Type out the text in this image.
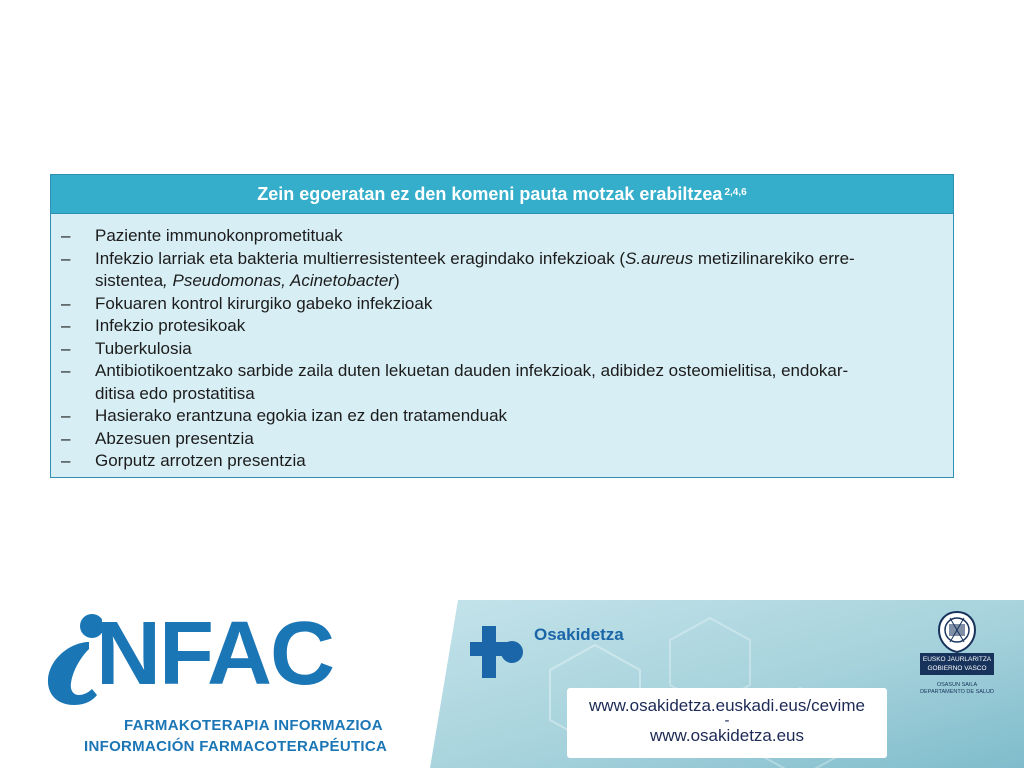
Zein egoeratan ez den komeni pauta motzak erabiltzea$^{2,4,6}$
– Paziente immunokonprometituak
– Infekzio larriak eta bakteria multierresistenteek eragindako infekzioak (S.aureus metizilinarekiko erre-
sistentea, Pseudomonas, Acinetobacter)
– Fokuaren kontrol kirurgiko gabeko infekzioak
– Infekzio protesikoak
– Tuberkulosia
– Antibiotikoentzako sarbide zaila duten lekuetan dauden infekzioak, adibidez osteomielitisa, endokar-
ditisa edo prostatitisa
– Hasierako erantzuna egokia izan ez den tratamenduak
– Abzesuen presentzia
– Gorputz arrotzen presentzia
NFAC
FARMAKOTERAPIA INFORMAZIOA
INFORMACIÓN FARMACOTERAPÉUTICA
Osakidetza
www.osakidetza.euskadi.eus/cevime
-
www.osakidetza.eus
EUSKO JAURLARITZA
GOBIERNO VASCO
OSASUN SAILA
DEPARTAMENTO DE SALUD
